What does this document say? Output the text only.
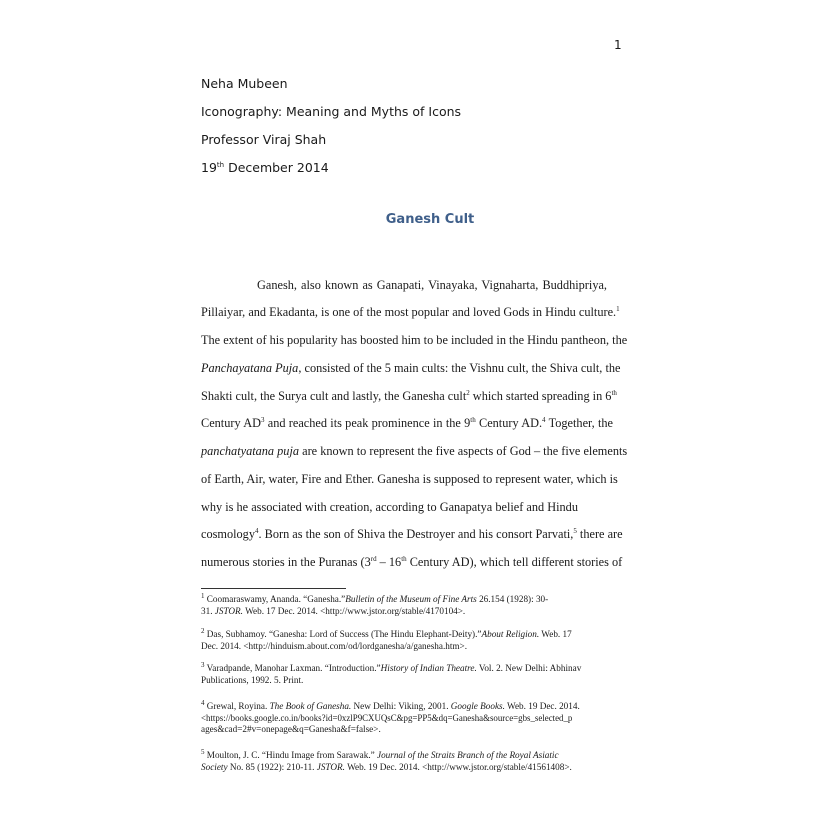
1
Neha Mubeen
Iconography: Meaning and Myths of Icons
Professor Viraj Shah
19th December 2014
Ganesh Cult
Ganesh, also known as Ganapati, Vinayaka, Vignaharta, Buddhipriya,
Pillaiyar, and Ekadanta, is one of the most popular and loved Gods in Hindu culture.$^1$
The extent of his popularity has boosted him to be included in the Hindu pantheon, the
Panchayatana Puja, consisted of the 5 main cults: the Vishnu cult, the Shiva cult, the
Shakti cult, the Surya cult and lastly, the Ganesha cult$^2$ which started spreading in 6th
Century $AD^3$ and reached its peak prominence in the 9th Century AD.$^4$ Together, the
panchatyatana puja are known to represent the five aspects of God – the five elements
of Earth, Air, water, Fire and Ether. Ganesha is supposed to represent water, which is
why is he associated with creation, according to Ganapatya belief and Hindu
cosmology$^4$. Born as the son of Shiva the Destroyer and his consort Parvati,$^5$ there are
numerous stories in the Puranas (3rd – 16th Century AD), which tell different stories of
$^1$ Coomaraswamy, Ananda. “Ganesha.”Bulletin of the Museum of Fine Arts 26.154 (1928): 30-
31. JSTOR. Web. 17 Dec. 2014. <http://www.jstor.org/stable/4170104>.
$^2$ Das, Subhamoy. “Ganesha: Lord of Success (The Hindu Elephant-Deity).”About Religion. Web. 17
Dec. 2014. <http://hinduism.about.com/od/lordganesha/a/ganesha.htm>.
$^3$ Varadpande, Manohar Laxman. “Introduction.”History of Indian Theatre. Vol. 2. New Delhi: Abhinav
Publications, 1992. 5. Print.
$^4$ Grewal, Royina. The Book of Ganesha. New Delhi: Viking, 2001. Google Books. Web. 19 Dec. 2014.
<https://books.google.co.in/books?id=0xzlP9CXUQsC&pg=PP5&dq=Ganesha&source=gbs_selected_p
ages&cad=2#v=onepage&q=Ganesha&f=false>.
$^5$ Moulton, J. C. “Hindu Image from Sarawak.” Journal of the Straits Branch of the Royal Asiatic
Society No. 85 (1922): 210-11. JSTOR. Web. 19 Dec. 2014. <http://www.jstor.org/stable/41561408>.
